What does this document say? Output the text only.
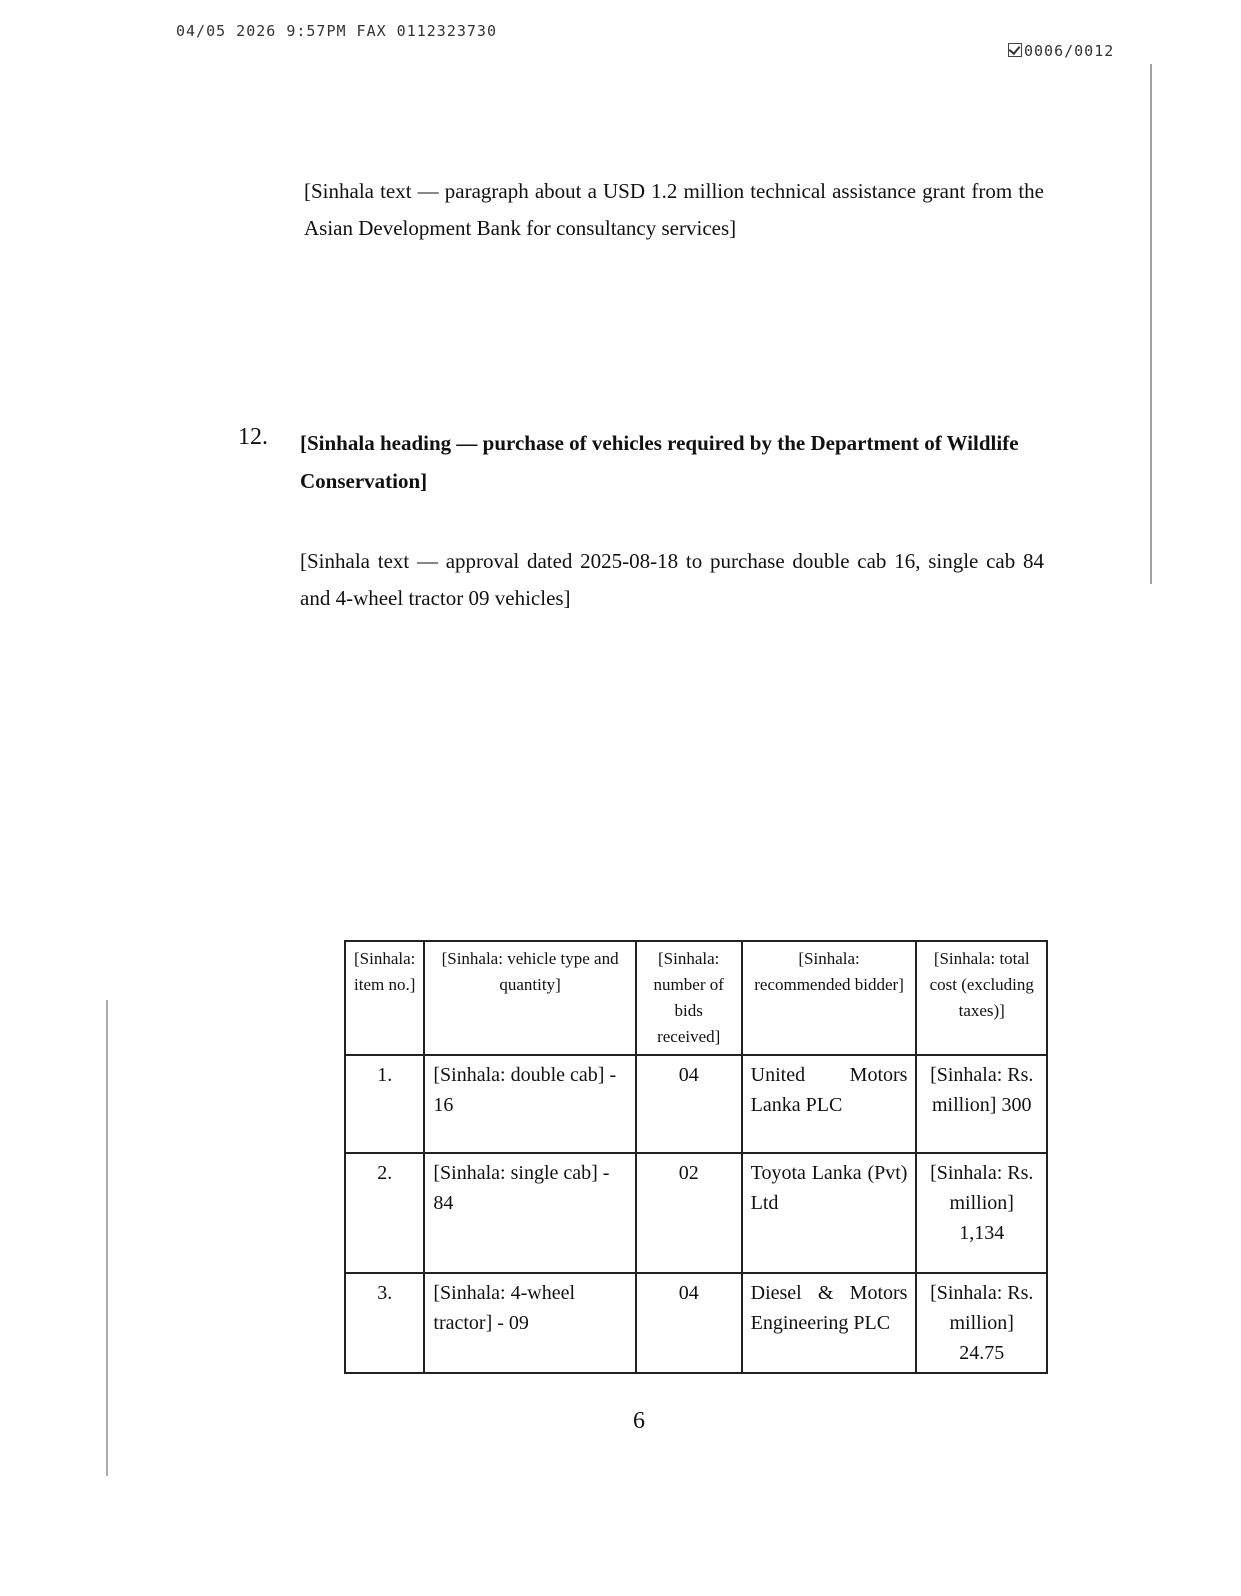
04/05 2026 9:57PM FAX 0112323730
0006/0012

[Sinhala text — paragraph about a USD 1.2 million technical assistance grant from the Asian Development Bank for consultancy services]

12. [Sinhala heading — purchase of vehicles required by the Department of Wildlife Conservation]

[Sinhala text — approval dated 2025-08-18 to purchase double cab 16, single cab 84 and 4-wheel tractor 09 vehicles]

[Sinhala: item no.]	[Sinhala: vehicle type and quantity]	[Sinhala: number of bids received]	[Sinhala: recommended bidder]	[Sinhala: total cost (excluding taxes)]
1.	[Sinhala: double cab] - 16	04	United Motors Lanka PLC	[Sinhala: Rs. million] 300
2.	[Sinhala: single cab] - 84	02	Toyota Lanka (Pvt) Ltd	[Sinhala: Rs. million] 1,134
3.	[Sinhala: 4-wheel tractor] - 09	04	Diesel & Motors Engineering PLC	[Sinhala: Rs. million] 24.75
6
